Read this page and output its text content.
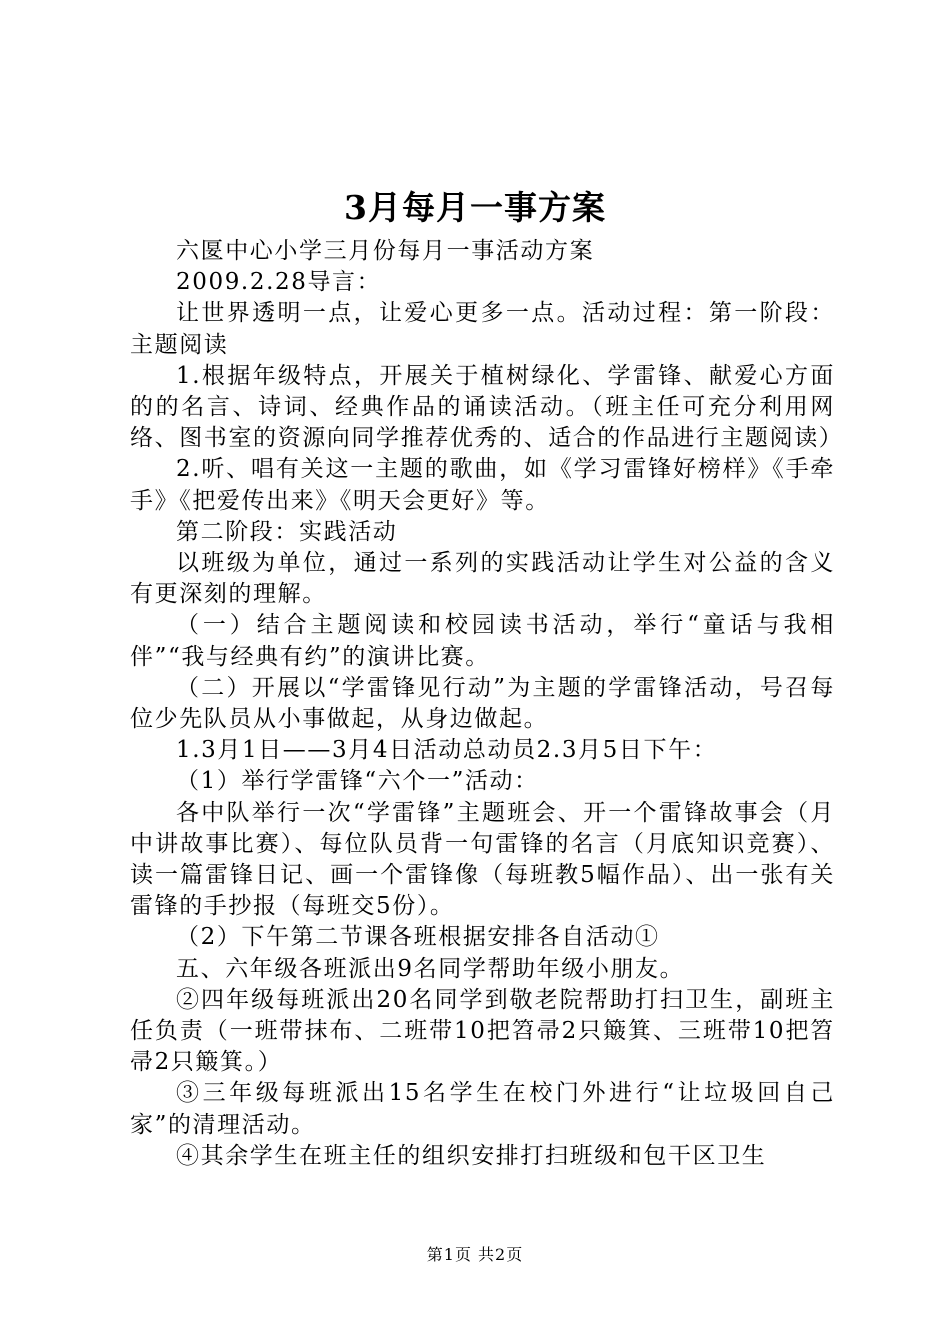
3月每月一事方案

六匽中心小学三月份每月一事活动方案

2009.2.28导言：

让世界透明一点，让爱心更多一点。活动过程：第一阶段：主题阅读

1.根据年级特点，开展关于植树绿化、学雷锋、献爱心方面的的名言、诗词、经典作品的诵读活动。（班主任可充分利用网络、图书室的资源向同学推荐优秀的、适合的作品进行主题阅读）

2.听、唱有关这一主题的歌曲，如《学习雷锋好榜样》《手牵手》《把爱传出来》《明天会更好》等。

第二阶段：实践活动

以班级为单位，通过一系列的实践活动让学生对公益的含义有更深刻的理解。

（一）结合主题阅读和校园读书活动，举行“童话与我相伴”“我与经典有约”的演讲比赛。

（二）开展以“学雷锋见行动”为主题的学雷锋活动，号召每位少先队员从小事做起，从身边做起。

1.3月1日——3月4日活动总动员2.3月5日下午：

（1）举行学雷锋“六个一”活动：

各中队举行一次“学雷锋”主题班会、开一个雷锋故事会（月中讲故事比赛）、每位队员背一句雷锋的名言（月底知识竞赛）、读一篇雷锋日记、画一个雷锋像（每班教5幅作品）、出一张有关雷锋的手抄报（每班交5份）。

（2）下午第二节课各班根据安排各自活动①

五、六年级各班派出9名同学帮助年级小朋友。

②四年级每班派出20名同学到敬老院帮助打扫卫生，副班主任负责（一班带抹布、二班带10把笤帚2只簸箕、三班带10把笤帚2只簸箕。）

③三年级每班派出15名学生在校门外进行“让垃圾回自己家”的清理活动。

④其余学生在班主任的组织安排打扫班级和包干区卫生

第1页 共2页
